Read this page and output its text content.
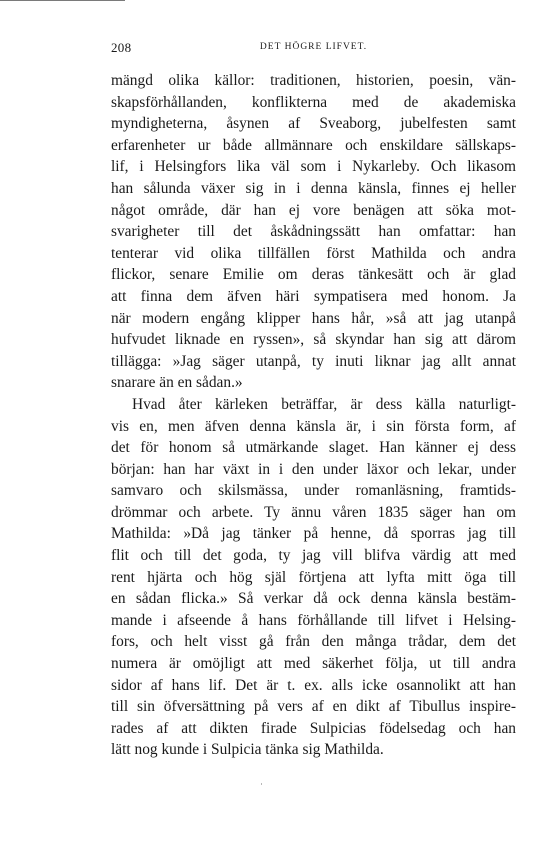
208	DET HÖGRE LIFVET.
mängd olika källor: traditionen, historien, poesin, vän-
skapsförhållanden, konflikterna med de akademiska
myndigheterna, åsynen af Sveaborg, jubelfesten samt
erfarenheter ur både allmännare och enskildare sällskaps-
lif, i Helsingfors lika väl som i Nykarleby. Och likasom
han sålunda växer sig in i denna känsla, finnes ej heller
något område, där han ej vore benägen att söka mot-
svarigheter till det åskådningssätt han omfattar: han
tenterar vid olika tillfällen först Mathilda och andra
flickor, senare Emilie om deras tänkesätt och är glad
att finna dem äfven häri sympatisera med honom. Ja
när modern engång klipper hans hår, »så att jag utanpå
hufvudet liknade en ryssen», så skyndar han sig att därom
tillägga: »Jag säger utanpå, ty inuti liknar jag allt annat
snarare än en sådan.»
Hvad åter kärleken beträffar, är dess källa naturligt-
vis en, men äfven denna känsla är, i sin första form, af
det för honom så utmärkande slaget. Han känner ej dess
början: han har växt in i den under läxor och lekar, under
samvaro och skilsmässa, under romanläsning, framtids-
drömmar och arbete. Ty ännu våren 1835 säger han om
Mathilda: »Då jag tänker på henne, då sporras jag till
flit och till det goda, ty jag vill blifva värdig att med
rent hjärta och hög själ förtjena att lyfta mitt öga till
en sådan flicka.» Så verkar då ock denna känsla bestäm-
mande i afseende å hans förhållande till lifvet i Helsing-
fors, och helt visst gå från den många trådar, dem det
numera är omöjligt att med säkerhet följa, ut till andra
sidor af hans lif. Det är t. ex. alls icke osannolikt att han
till sin öfversättning på vers af en dikt af Tibullus inspire-
rades af att dikten firade Sulpicias födelsedag och han
lätt nog kunde i Sulpicia tänka sig Mathilda.
